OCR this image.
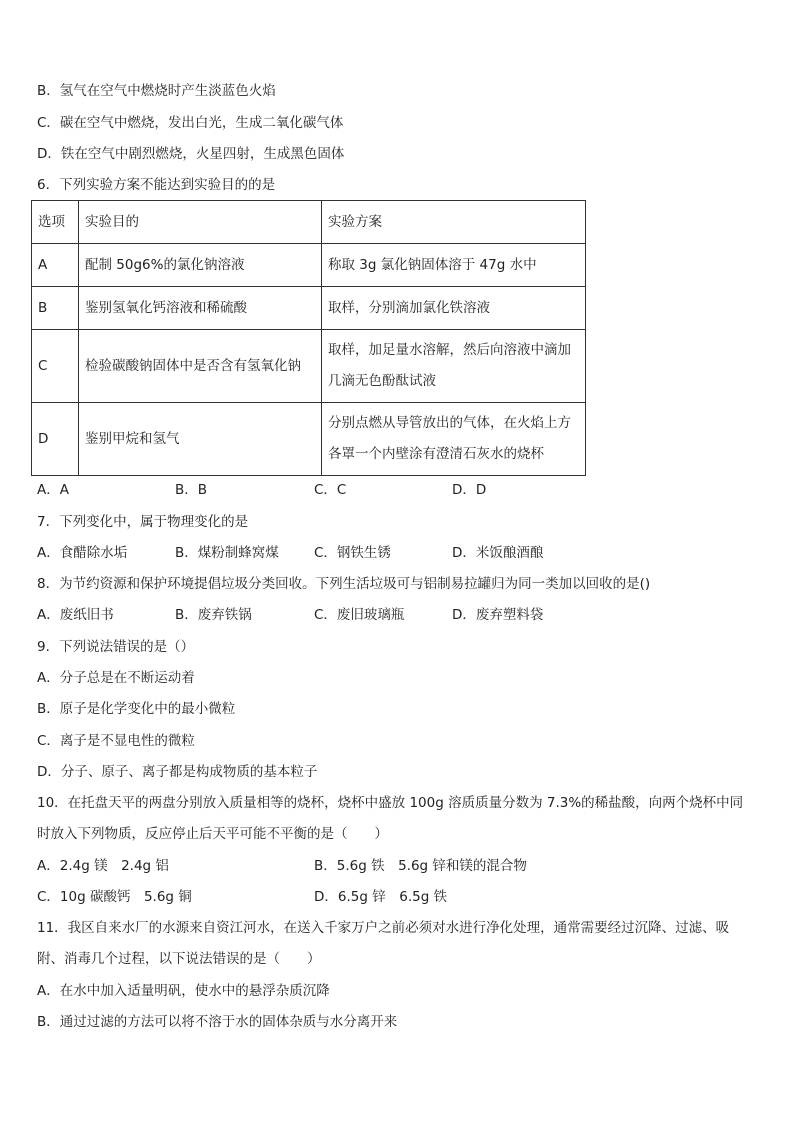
B．氢气在空气中燃烧时产生淡蓝色火焰
C．碳在空气中燃烧，发出白光，生成二氧化碳气体
D．铁在空气中剧烈燃烧，火星四射，生成黑色固体
6．下列实验方案不能达到实验目的的是
选项	实验目的	实验方案
A	配制 50g6%的氯化钠溶液	称取 3g 氯化钠固体溶于 47g 水中
B	鉴别氢氧化钙溶液和稀硫酸	取样，分别滴加氯化铁溶液
C	检验碳酸钠固体中是否含有氢氧化钠	取样，加足量水溶解，然后向溶液中滴加
几滴无色酚酞试液

D	鉴别甲烷和氢气	分别点燃从导管放出的气体，在火焰上方
各罩一个内壁涂有澄清石灰水的烧杯
A．A	B．B	C．C	D．D
7．下列变化中，属于物理变化的是
A．食醋除水垢	B．煤粉制蜂窝煤	C．钢铁生锈	D．米饭酿酒酿
8．为节约资源和保护环境提倡垃圾分类回收。下列生活垃圾可与铝制易拉罐归为同一类加以回收的是()
A．废纸旧书	B．废弃铁锅	C．废旧玻璃瓶	D．废弃塑料袋
9．下列说法错误的是（）
A．分子总是在不断运动着
B．原子是化学变化中的最小微粒
C．离子是不显电性的微粒
D．分子、原子、离子都是构成物质的基本粒子
10．在托盘天平的两盘分别放入质量相等的烧杯，烧杯中盛放 100g 溶质质量分数为 7.3%的稀盐酸，向两个烧杯中同
时放入下列物质，反应停止后天平可能不平衡的是（　　）
A．2.4g 镁　2.4g 铝	B．5.6g 铁　5.6g 锌和镁的混合物
C．10g 碳酸钙　5.6g 铜	D．6.5g 锌　6.5g 铁
11．我区自来水厂的水源来自资江河水，在送入千家万户之前必须对水进行净化处理，通常需要经过沉降、过滤、吸
附、消毒几个过程，以下说法错误的是（　　）
A．在水中加入适量明矾，使水中的悬浮杂质沉降
B．通过过滤的方法可以将不溶于水的固体杂质与水分离开来
